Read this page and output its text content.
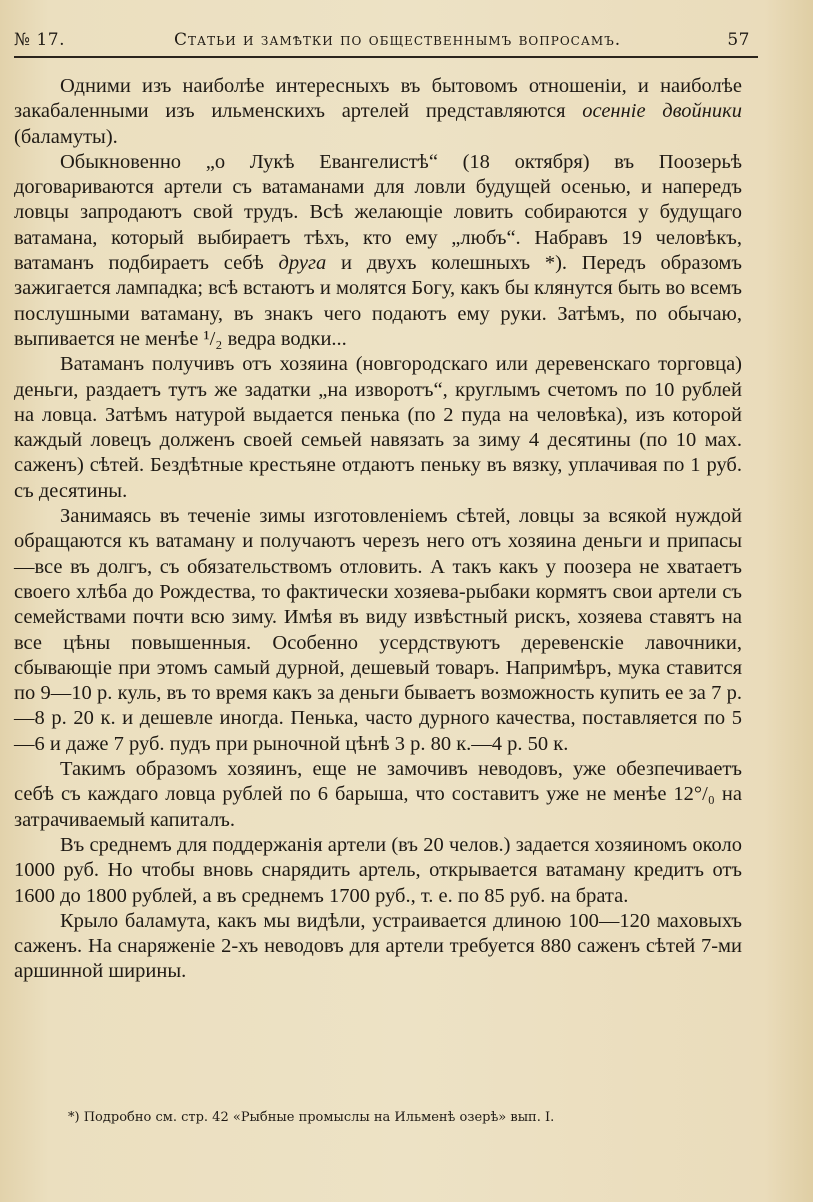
№ 17.	Статьи и замѣтки по общественнымъ вопросамъ.	57

Одними изъ наиболѣе интересныхъ въ бытовомъ отношеніи, и наиболѣе закабаленными изъ ильменскихъ артелей представляются осенніе двойники (баламуты).

Обыкновенно „о Лукѣ Евангелистѣ“ (18 октября) въ Поозерьѣ договариваются артели съ ватаманами для ловли будущей осенью, и напередъ ловцы запродаютъ свой трудъ. Всѣ желающіе ловить собираются у будущаго ватамана, который выбираетъ тѣхъ, кто ему „любъ“. Набравъ 19 человѣкъ, ватаманъ подбираетъ себѣ друга и двухъ колешныхъ *). Передъ образомъ зажигается лампадка; всѣ встаютъ и молятся Богу, какъ бы клянутся быть во всемъ послушными ватаману, въ знакъ чего подаютъ ему руки. Затѣмъ, по обычаю, выпивается не менѣе ¹/₂ ведра водки...

Ватаманъ получивъ отъ хозяина (новгородскаго или деревенскаго торговца) деньги, раздаетъ тутъ же задатки „на изворотъ“, круглымъ счетомъ по 10 рублей на ловца. Затѣмъ натурой выдается пенька (по 2 пуда на человѣка), изъ которой каждый ловецъ долженъ своей семьей навязать за зиму 4 десятины (по 10 мах. саженъ) сѣтей. Бездѣтные крестьяне отдаютъ пеньку въ вязку, уплачивая по 1 руб. съ десятины.

Занимаясь въ теченіе зимы изготовленіемъ сѣтей, ловцы за всякой нуждой обращаются къ ватаману и получаютъ черезъ него отъ хозяина деньги и припасы—все въ долгъ, съ обязательствомъ отловить. А такъ какъ у поозера не хватаетъ своего хлѣба до Рождества, то фактически хозяева-рыбаки кормятъ свои артели съ семействами почти всю зиму. Имѣя въ виду извѣстный рискъ, хозяева ставятъ на все цѣны повышенныя. Особенно усердствуютъ деревенскіе лавочники, сбывающіе при этомъ самый дурной, дешевый товаръ. Напримѣръ, мука ставится по 9—10 р. куль, въ то время какъ за деньги бываетъ возможность купить ее за 7 р.—8 р. 20 к. и дешевле иногда. Пенька, часто дурного качества, поставляется по 5—6 и даже 7 руб. пудъ при рыночной цѣнѣ 3 р. 80 к.—4 р. 50 к.

Такимъ образомъ хозяинъ, еще не замочивъ неводовъ, уже обезпечиваетъ себѣ съ каждаго ловца рублей по 6 барыша, что составитъ уже не менѣе 12°/₀ на затрачиваемый капиталъ.

Въ среднемъ для поддержанія артели (въ 20 челов.) задается хозяиномъ около 1000 руб. Но чтобы вновь снарядить артель, открывается ватаману кредитъ отъ 1600 до 1800 рублей, а въ среднемъ 1700 руб., т. е. по 85 руб. на брата.

Крыло баламута, какъ мы видѣли, устраивается длиною 100—120 маховыхъ саженъ. На снаряженіе 2-хъ неводовъ для артели требуется 880 саженъ сѣтей 7-ми аршинной ширины.

*) Подробно см. стр. 42 «Рыбные промыслы на Ильменѣ озерѣ» вып. I.
